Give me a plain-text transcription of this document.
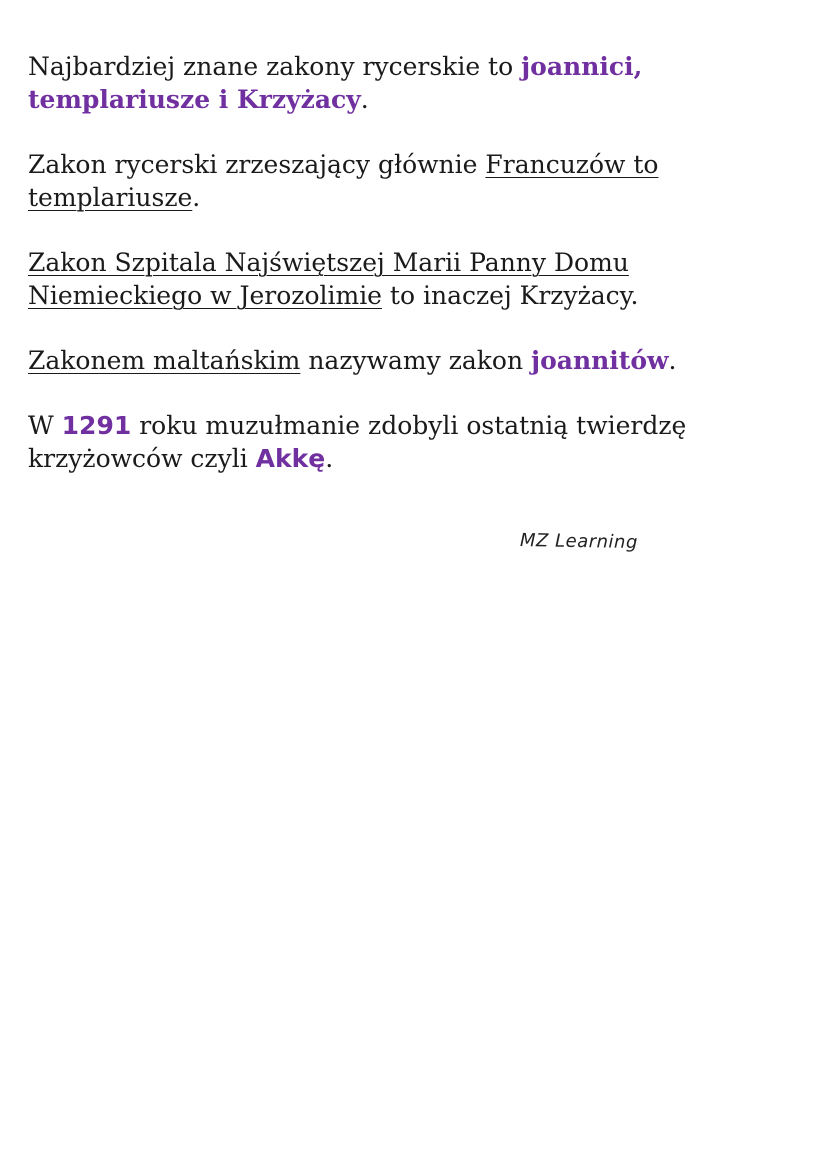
Najbardziej znane zakony rycerskie to joannici, templariusze i Krzyżacy.

Zakon rycerski zrzeszający głównie Francuzów to templariusze.

Zakon Szpitala Najświętszej Marii Panny Domu Niemieckiego w Jerozolimie to inaczej Krzyżacy.

Zakonem maltańskim nazywamy zakon joannitów.

W 1291 roku muzułmanie zdobyli ostatnią twierdzę krzyżowców czyli Akkę.

MZ Learning
